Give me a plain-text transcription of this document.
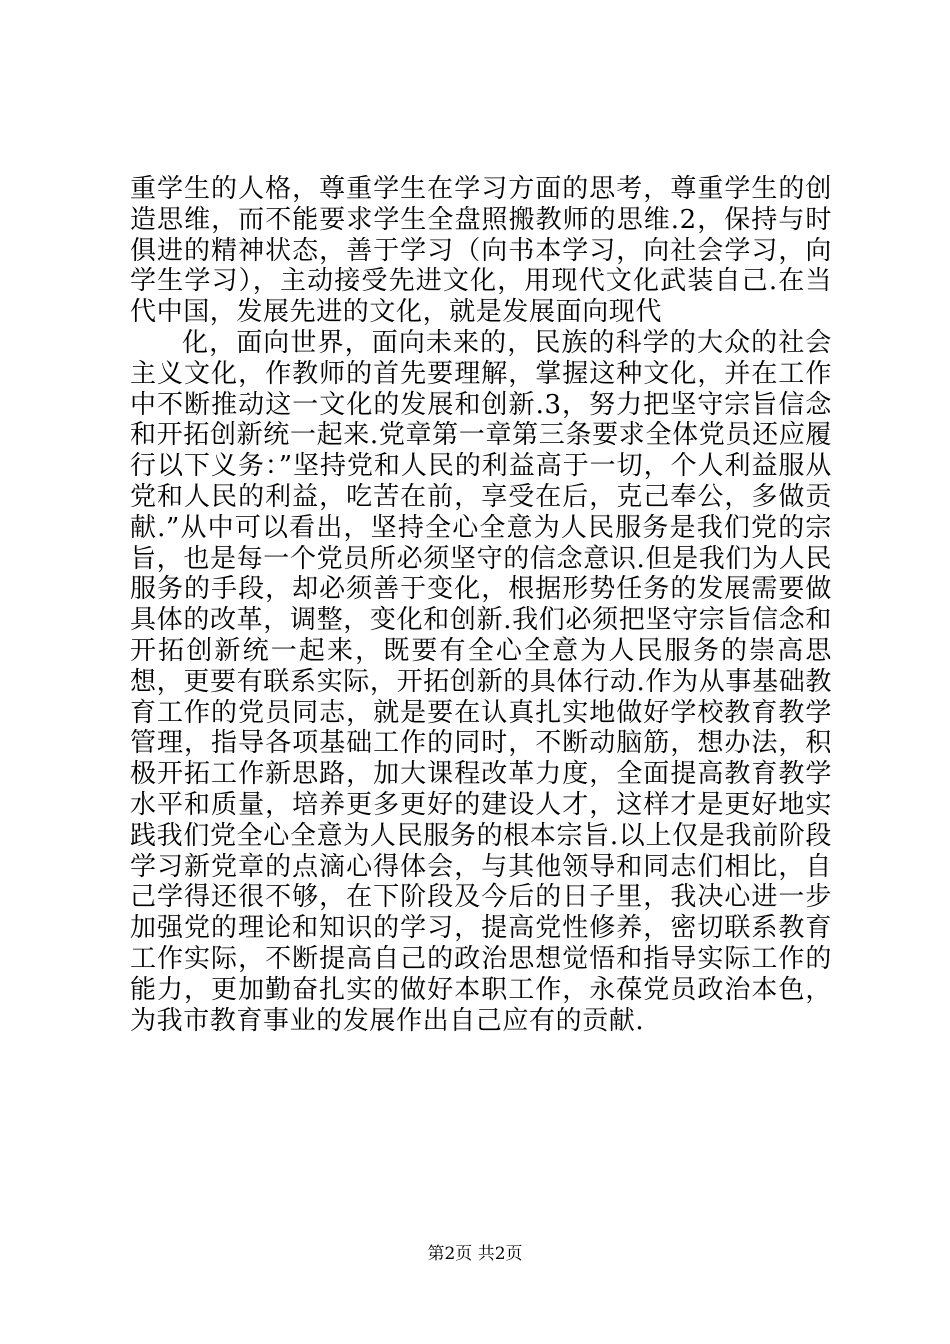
重学生的人格，尊重学生在学习方面的思考，尊重学生的创造思维，而不能要求学生全盘照搬教师的思维.2，保持与时俱进的精神状态，善于学习（向书本学习，向社会学习，向学生学习），主动接受先进文化，用现代文化武装自己.在当代中国，发展先进的文化，就是发展面向现代

化，面向世界，面向未来的，民族的科学的大众的社会主义文化，作教师的首先要理解，掌握这种文化，并在工作中不断推动这一文化的发展和创新.3，努力把坚守宗旨信念和开拓创新统一起来.党章第一章第三条要求全体党员还应履行以下义务：”坚持党和人民的利益高于一切，个人利益服从党和人民的利益，吃苦在前，享受在后，克己奉公，多做贡献.”从中可以看出，坚持全心全意为人民服务是我们党的宗旨，也是每一个党员所必须坚守的信念意识.但是我们为人民服务的手段，却必须善于变化，根据形势任务的发展需要做具体的改革，调整，变化和创新.我们必须把坚守宗旨信念和开拓创新统一起来，既要有全心全意为人民服务的崇高思想，更要有联系实际，开拓创新的具体行动.作为从事基础教育工作的党员同志，就是要在认真扎实地做好学校教育教学管理，指导各项基础工作的同时，不断动脑筋，想办法，积极开拓工作新思路，加大课程改革力度，全面提高教育教学水平和质量，培养更多更好的建设人才，这样才是更好地实践我们党全心全意为人民服务的根本宗旨.以上仅是我前阶段学习新党章的点滴心得体会，与其他领导和同志们相比，自己学得还很不够，在下阶段及今后的日子里，我决心进一步加强党的理论和知识的学习，提高党性修养，密切联系教育工作实际，不断提高自己的政治思想觉悟和指导实际工作的能力，更加勤奋扎实的做好本职工作，永葆党员政治本色，为我市教育事业的发展作出自己应有的贡献.

第2页 共2页
